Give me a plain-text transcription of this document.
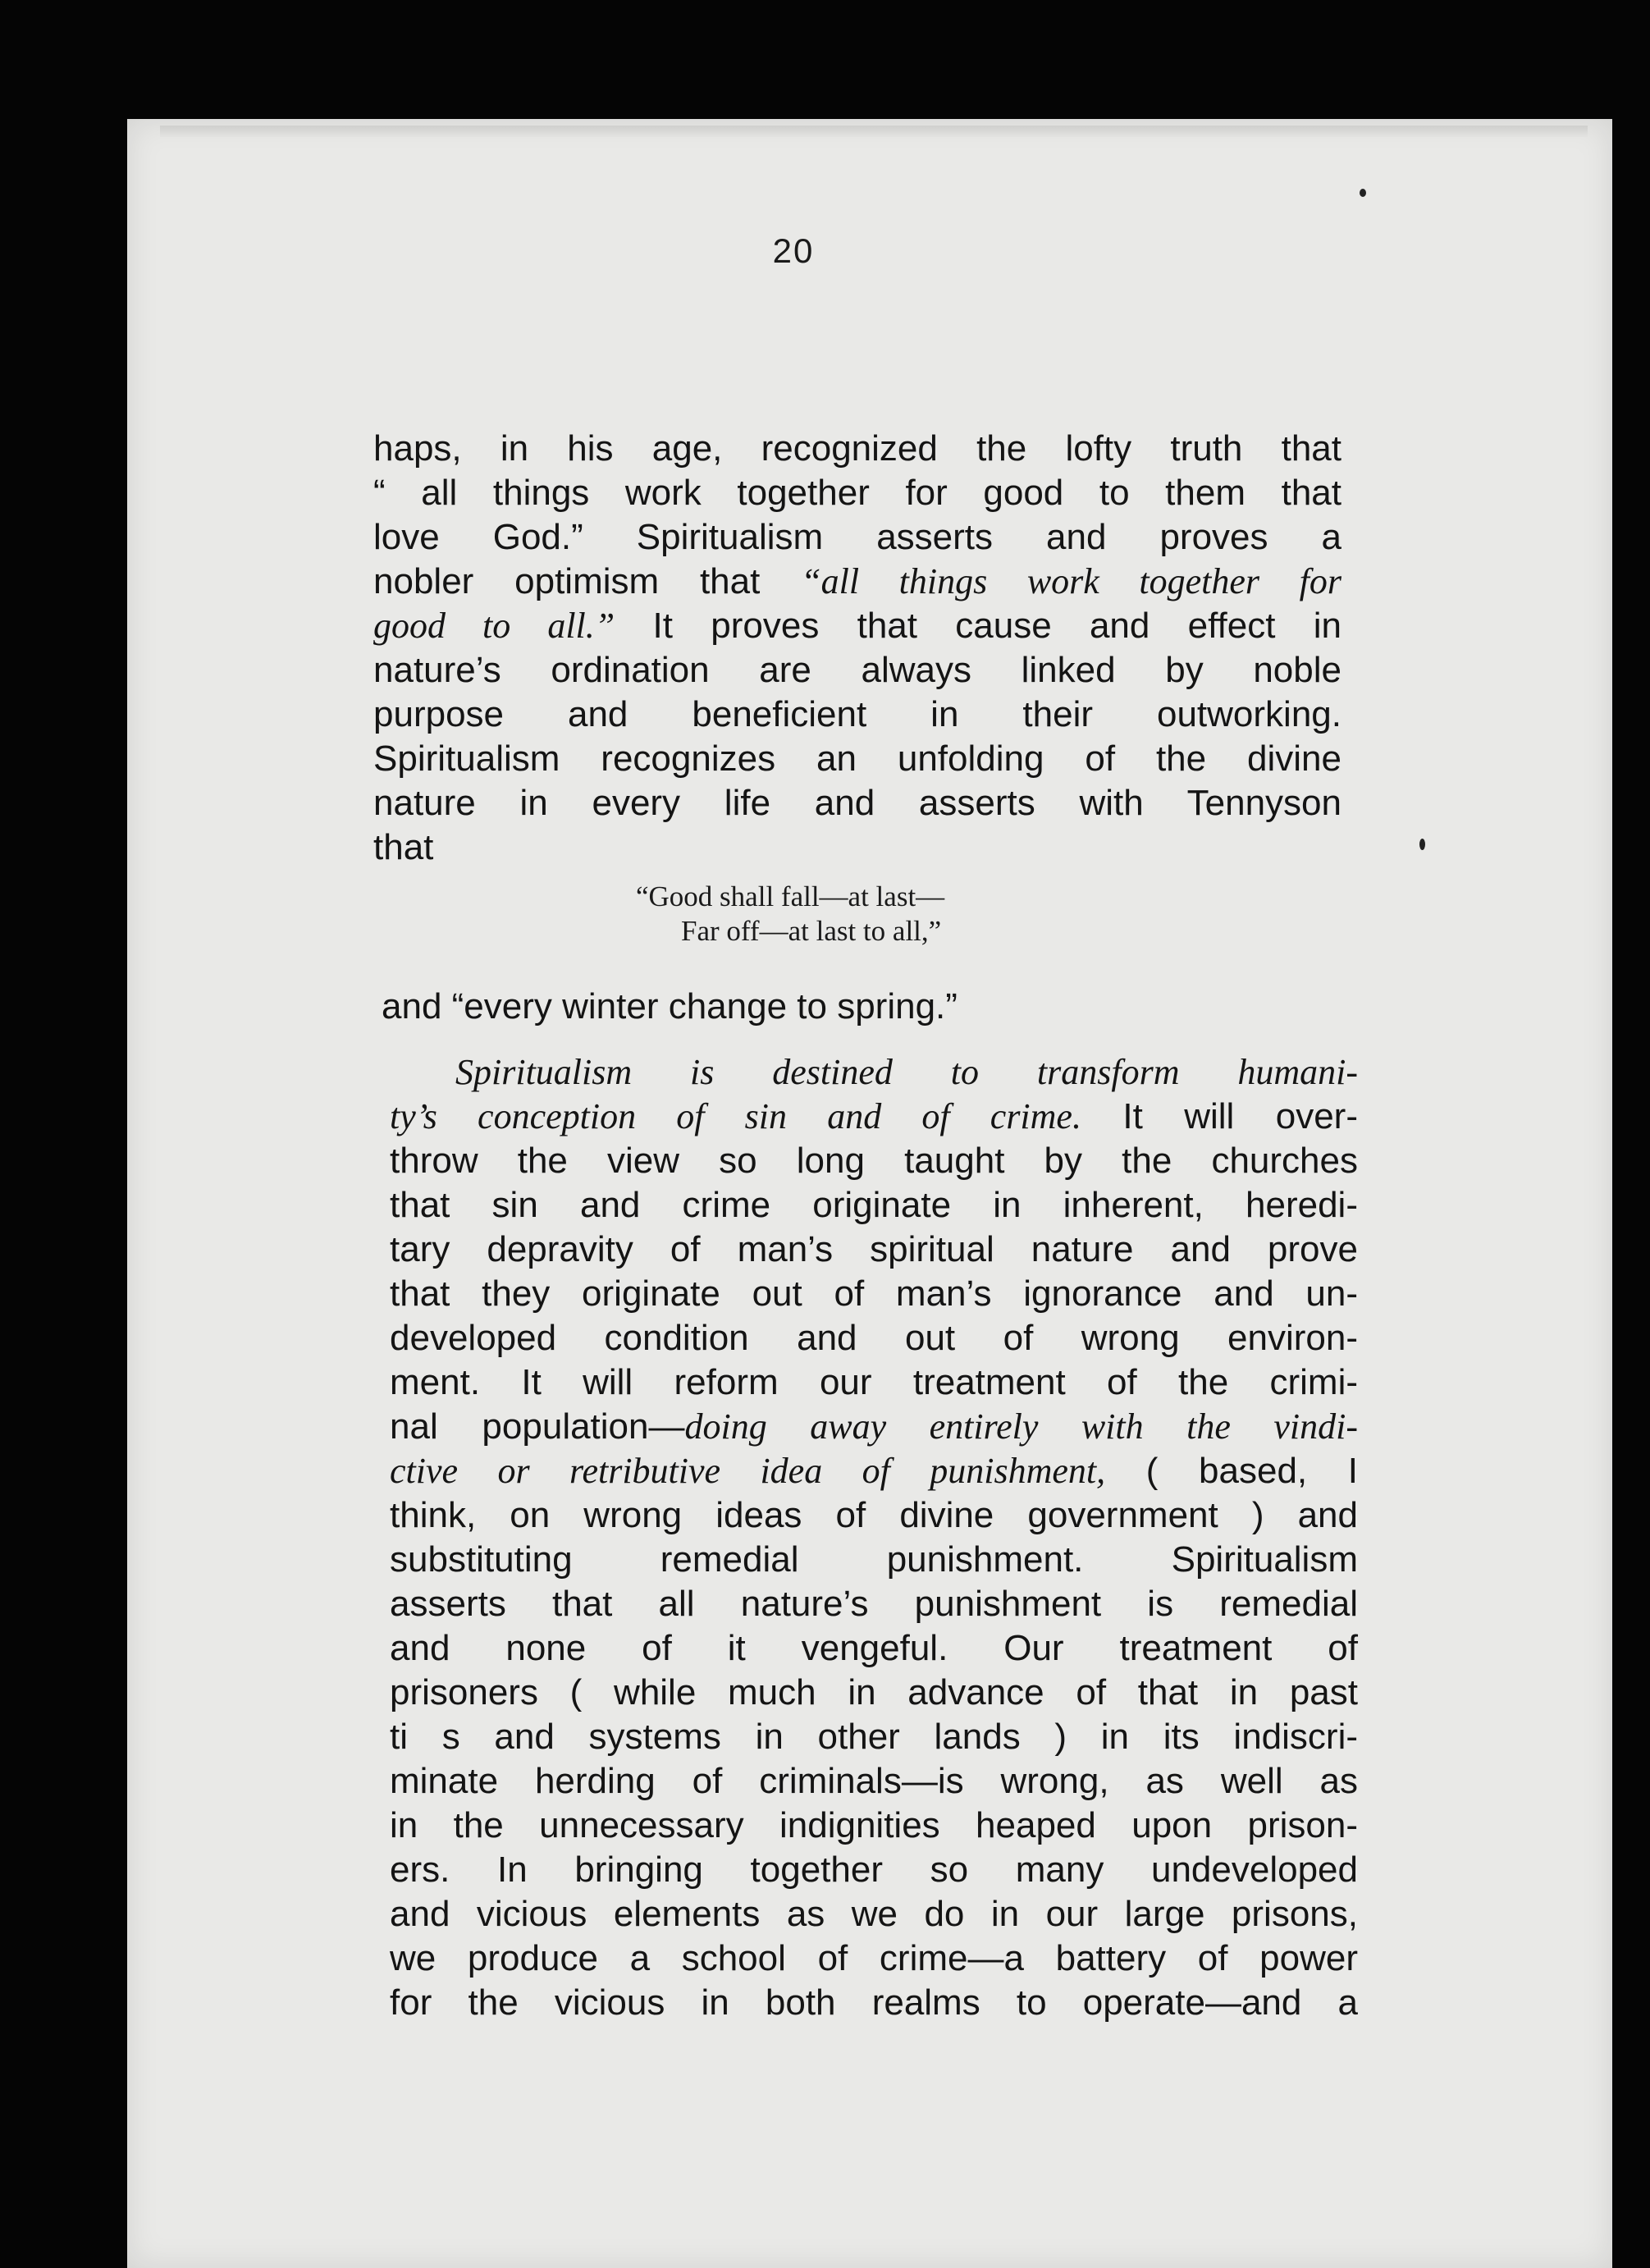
20
haps, in his age, recognized the lofty truth that
“ all things work together for good to them that
love God.” Spiritualism asserts and proves a
nobler optimism that “all things work together for
good to all.” It proves that cause and effect in
nature’s ordination are always linked by noble
purpose and beneficient in their outworking.
Spiritualism recognizes an unfolding of the divine
nature in every life and asserts with Tennyson
that
“Good shall fall—at last—
Far off—at last to all,”
and “every winter change to spring.”
Spiritualism is destined to transform humani-
ty’s conception of sin and of crime. It will over-
throw the view so long taught by the churches
that sin and crime originate in inherent, heredi-
tary depravity of man’s spiritual nature and prove
that they originate out of man’s ignorance and un-
developed condition and out of wrong environ-
ment. It will reform our treatment of the crimi-
nal population—doing away entirely with the vindi-
ctive or retributive idea of punishment, ( based, I
think, on wrong ideas of divine government ) and
substituting remedial punishment. Spiritualism
asserts that all nature’s punishment is remedial
and none of it vengeful. Our treatment of
prisoners ( while much in advance of that in past
ti s and systems in other lands ) in its indiscri-
minate herding of criminals—is wrong, as well as
in the unnecessary indignities heaped upon prison-
ers. In bringing together so many undeveloped
and vicious elements as we do in our large prisons,
we produce a school of crime—a battery of power
for the vicious in both realms to operate—and a
